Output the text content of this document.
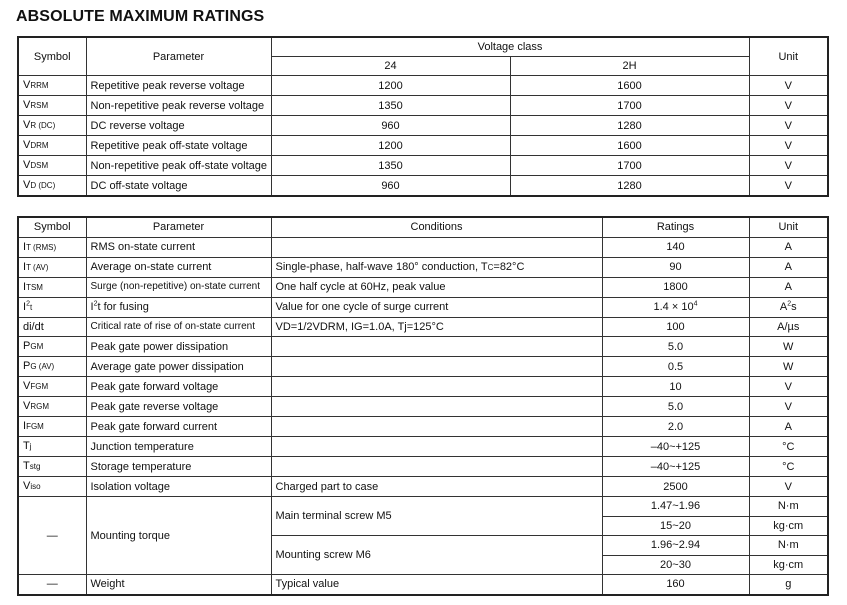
ABSOLUTE MAXIMUM RATINGS
Symbol	Parameter	Voltage class		Unit
		24	2H	
VRRM	Repetitive peak reverse voltage	1200	1600	V
VRSM	Non-repetitive peak reverse voltage	1350	1700	V
VR (DC)	DC reverse voltage	960	1280	V
VDRM	Repetitive peak off-state voltage	1200	1600	V
VDSM	Non-repetitive peak off-state voltage	1350	1700	V
VD (DC)	DC off-state voltage	960	1280	V
Symbol	Parameter	Conditions	Ratings	Unit
IT (RMS)	RMS on-state current		140	A
IT (AV)	Average on-state current	Single-phase, half-wave 180° conduction, TC=82°C	90	A
ITSM	Surge (non-repetitive) on-state current	One half cycle at 60Hz, peak value	1800	A
$I^2t$	$I^2t$ for fusing	Value for one cycle of surge current	$1.4 \times 10^4$	$A^2s$
di/dt	Critical rate of rise of on-state current	VD=1/2VDRM, IG=1.0A, Tj=125°C	100	A/µs
PGM	Peak gate power dissipation		5.0	W
PG (AV)	Average gate power dissipation		0.5	W
VFGM	Peak gate forward voltage		10	V
VRGM	Peak gate reverse voltage		5.0	V
IFGM	Peak gate forward current		2.0	A
Tj	Junction temperature		–40~+125	°C
Tstg	Storage temperature		–40~+125	°C
Viso	Isolation voltage	Charged part to case	2500	V
—	Mounting torque	Main terminal screw M5	1.47~1.96	N·m
			15~20	kg·cm
		Mounting screw M6	1.96~2.94	N·m
			20~30	kg·cm
—	Weight	Typical value	160	g
